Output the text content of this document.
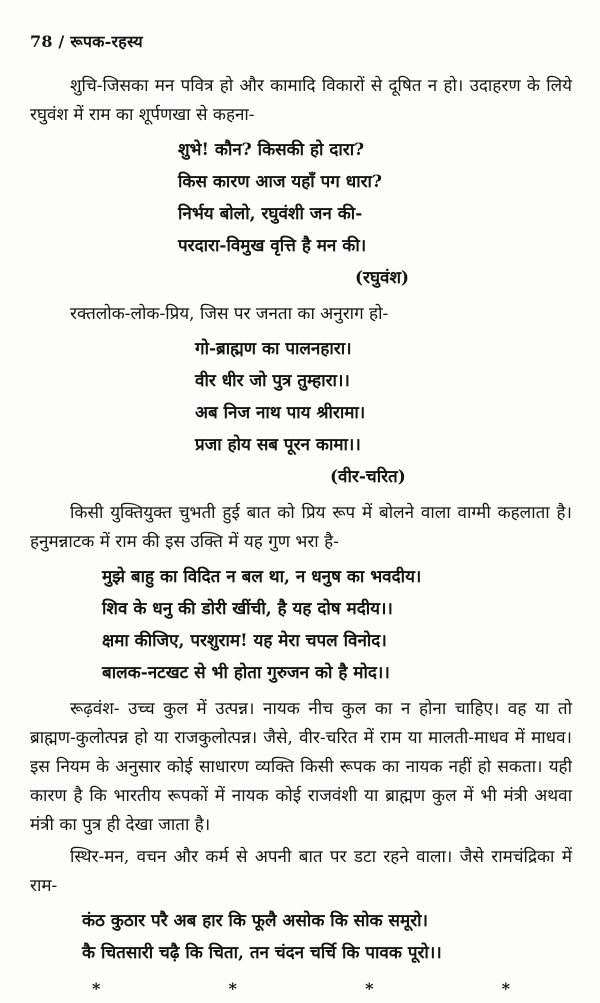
78 / रूपक-रहस्य

शुचि-जिसका मन पवित्र हो और कामादि विकारों से दूषित न हो। उदाहरण के लिये रघुवंश में राम का शूर्पणखा से कहना-

शुभे! कौन? किसकी हो दारा?
किस कारण आज यहाँ पग धारा?
निर्भय बोलो, रघुवंशी जन की-
परदारा-विमुख वृत्ति है मन की।
(रघुवंश)

रक्तलोक-लोक-प्रिय, जिस पर जनता का अनुराग हो-

गो-ब्राह्मण का पालनहारा।
वीर धीर जो पुत्र तुम्हारा।।
अब निज नाथ पाय श्रीरामा।
प्रजा होय सब पूरन कामा।।
(वीर-चरित)

किसी युक्तियुक्त चुभती हुई बात को प्रिय रूप में बोलने वाला वाग्मी कहलाता है। हनुमन्नाटक में राम की इस उक्ति में यह गुण भरा है-

मुझे बाहु का विदित न बल था, न धनुष का भवदीय।
शिव के धनु की डोरी खींची, है यह दोष मदीय।।
क्षमा कीजिए, परशुराम! यह मेरा चपल विनोद।
बालक-नटखट से भी होता गुरुजन को है मोद।।

रूढ़वंश- उच्च कुल में उत्पन्न। नायक नीच कुल का न होना चाहिए। वह या तो ब्राह्मण-कुलोत्पन्न हो या राजकुलोत्पन्न। जैसे, वीर-चरित में राम या मालती-माधव में माधव। इस नियम के अनुसार कोई साधारण व्यक्ति किसी रूपक का नायक नहीं हो सकता। यही कारण है कि भारतीय रूपकों में नायक कोई राजवंशी या ब्राह्मण कुल में भी मंत्री अथवा मंत्री का पुत्र ही देखा जाता है।

स्थिर-मन, वचन और कर्म से अपनी बात पर डटा रहने वाला। जैसे रामचंद्रिका में राम-

कंठ कुठार परै अब हार कि फूलै असोक कि सोक समूरो।
कै चितसारी चढ़ै कि चिता, तन चंदन चर्चि कि पावक पूरो।।
*	*	*	*
